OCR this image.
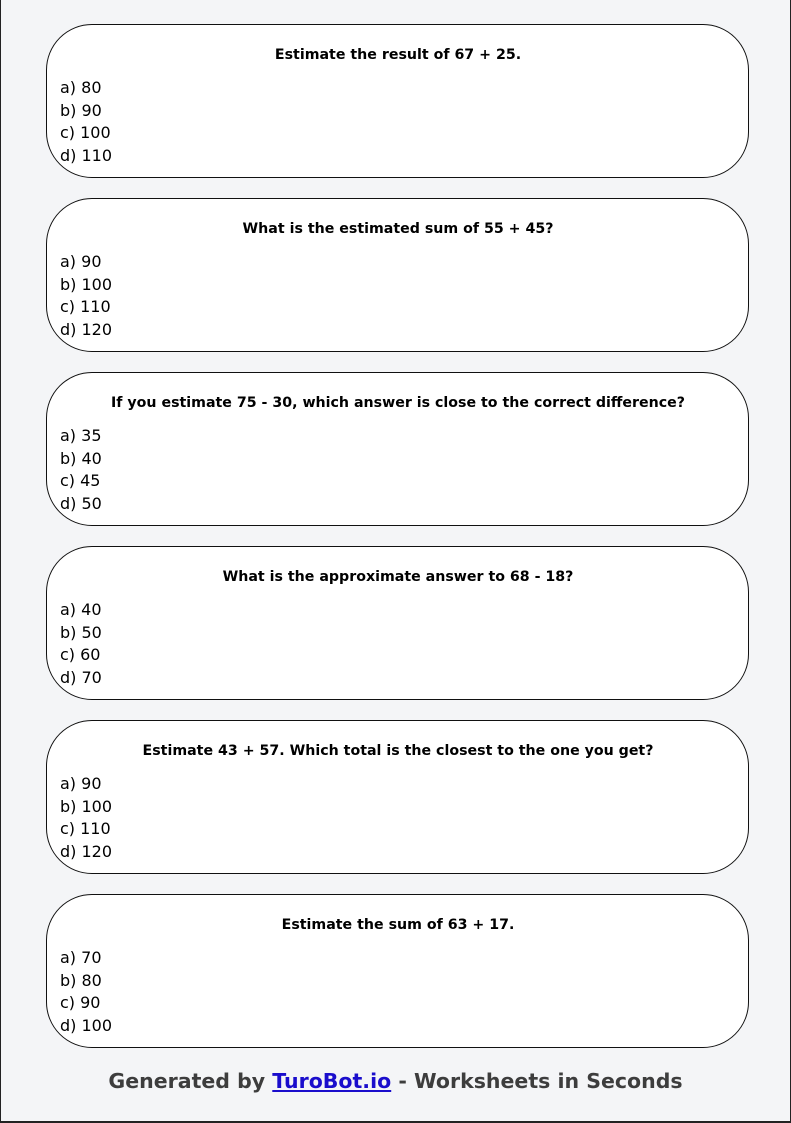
Estimate the result of 67 + 25.
a) 80
b) 90
c) 100
d) 110
What is the estimated sum of 55 + 45?
a) 90
b) 100
c) 110
d) 120
If you estimate 75 - 30, which answer is close to the correct difference?
a) 35
b) 40
c) 45
d) 50
What is the approximate answer to 68 - 18?
a) 40
b) 50
c) 60
d) 70
Estimate 43 + 57. Which total is the closest to the one you get?
a) 90
b) 100
c) 110
d) 120
Estimate the sum of 63 + 17.
a) 70
b) 80
c) 90
d) 100
Generated by TuroBot.io - Worksheets in Seconds
